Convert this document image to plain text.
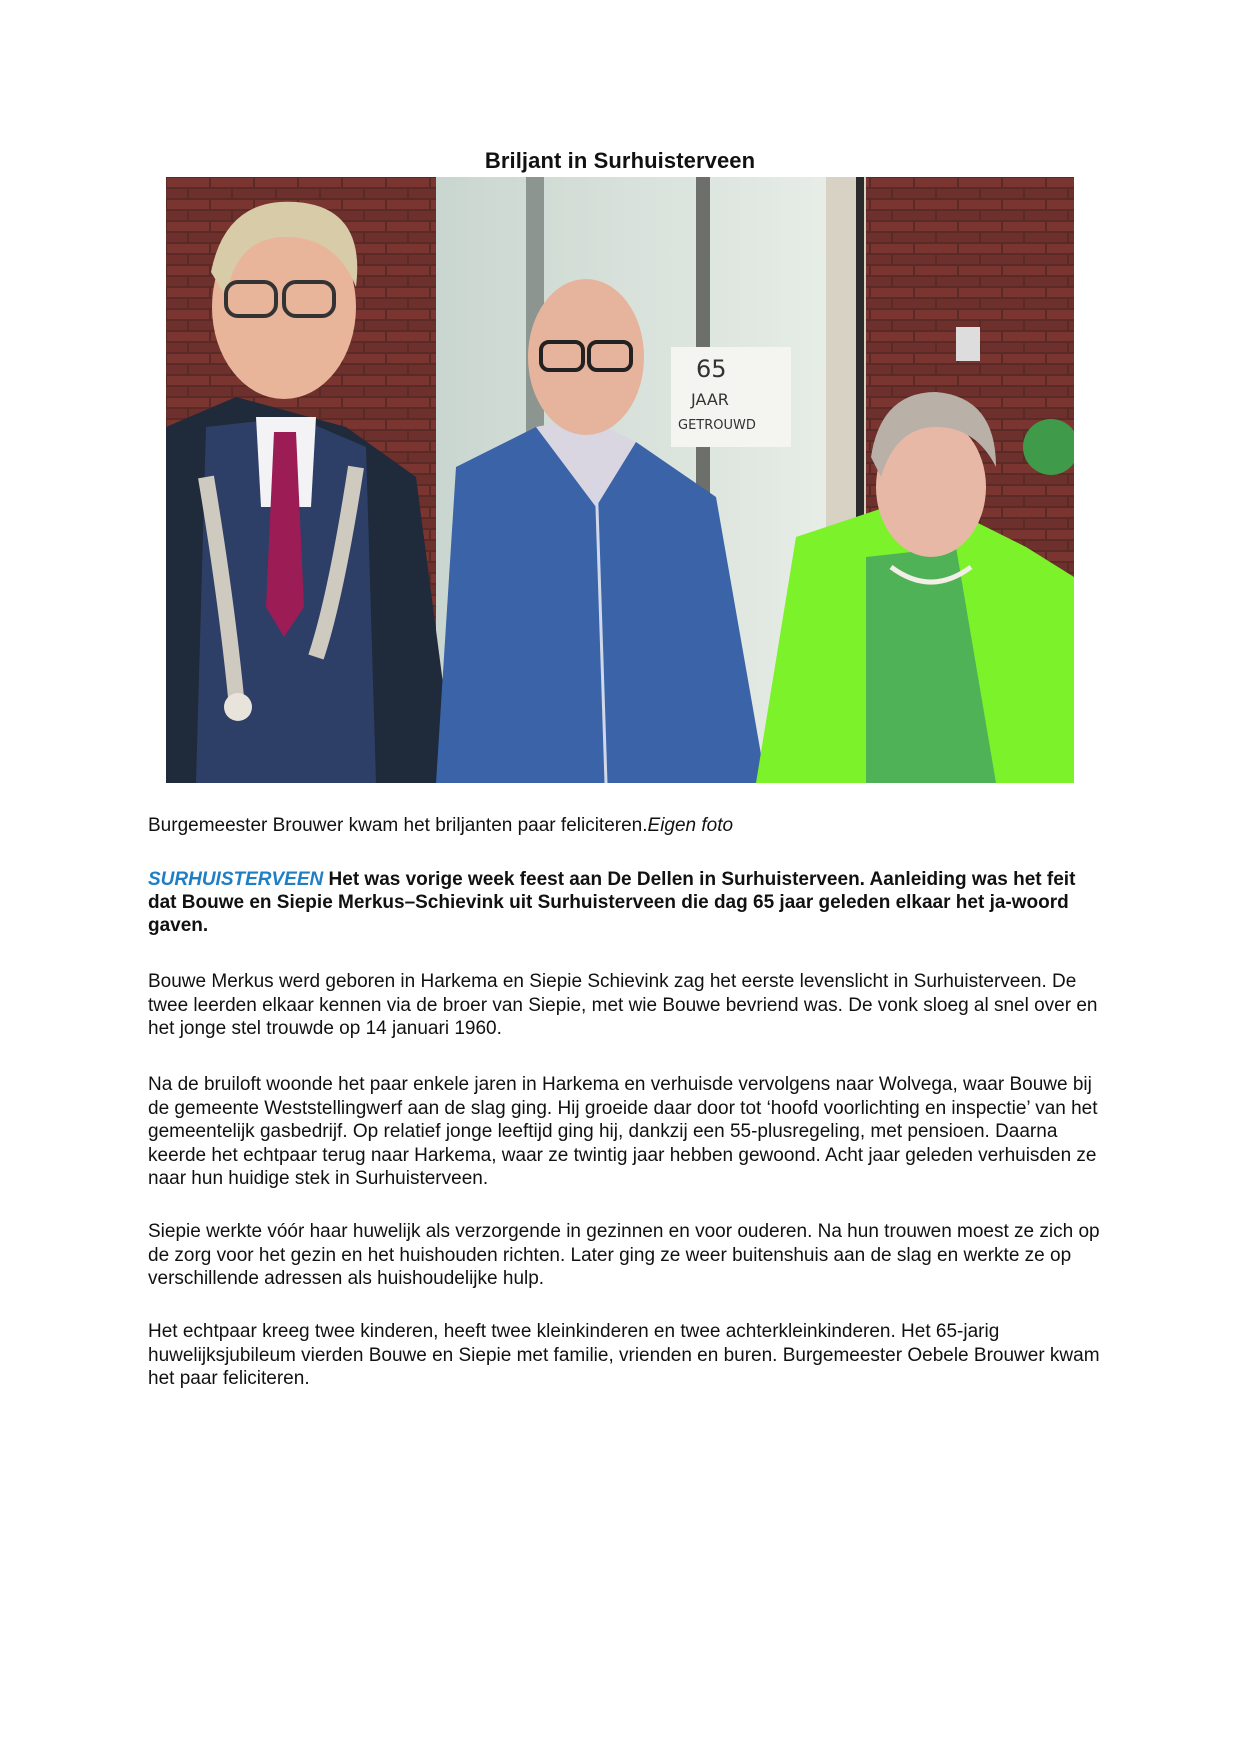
Briljant in Surhuisterveen
65
JAAR
GETROUWD

Burgemeester Brouwer kwam het briljanten paar feliciteren.Eigen foto

SURHUISTERVEEN Het was vorige week feest aan De Dellen in Surhuisterveen. Aanleiding was het feit dat Bouwe en Siepie Merkus–Schievink uit Surhuisterveen die dag 65 jaar geleden elkaar het ja-woord gaven.

Bouwe Merkus werd geboren in Harkema en Siepie Schievink zag het eerste levenslicht in Surhuisterveen. De twee leerden elkaar kennen via de broer van Siepie, met wie Bouwe bevriend was. De vonk sloeg al snel over en het jonge stel trouwde op 14 januari 1960.

Na de bruiloft woonde het paar enkele jaren in Harkema en verhuisde vervolgens naar Wolvega, waar Bouwe bij de gemeente Weststellingwerf aan de slag ging. Hij groeide daar door tot ‘hoofd voorlichting en inspectie’ van het gemeentelijk gasbedrijf. Op relatief jonge leeftijd ging hij, dankzij een 55-plusregeling, met pensioen. Daarna keerde het echtpaar terug naar Harkema, waar ze twintig jaar hebben gewoond. Acht jaar geleden verhuisden ze naar hun huidige stek in Surhuisterveen.

Siepie werkte vóór haar huwelijk als verzorgende in gezinnen en voor ouderen. Na hun trouwen moest ze zich op de zorg voor het gezin en het huishouden richten. Later ging ze weer buitenshuis aan de slag en werkte ze op verschillende adressen als huishoudelijke hulp.

Het echtpaar kreeg twee kinderen, heeft twee kleinkinderen en twee achterkleinkinderen. Het 65-jarig huwelijksjubileum vierden Bouwe en Siepie met familie, vrienden en buren. Burgemeester Oebele Brouwer kwam het paar feliciteren.
